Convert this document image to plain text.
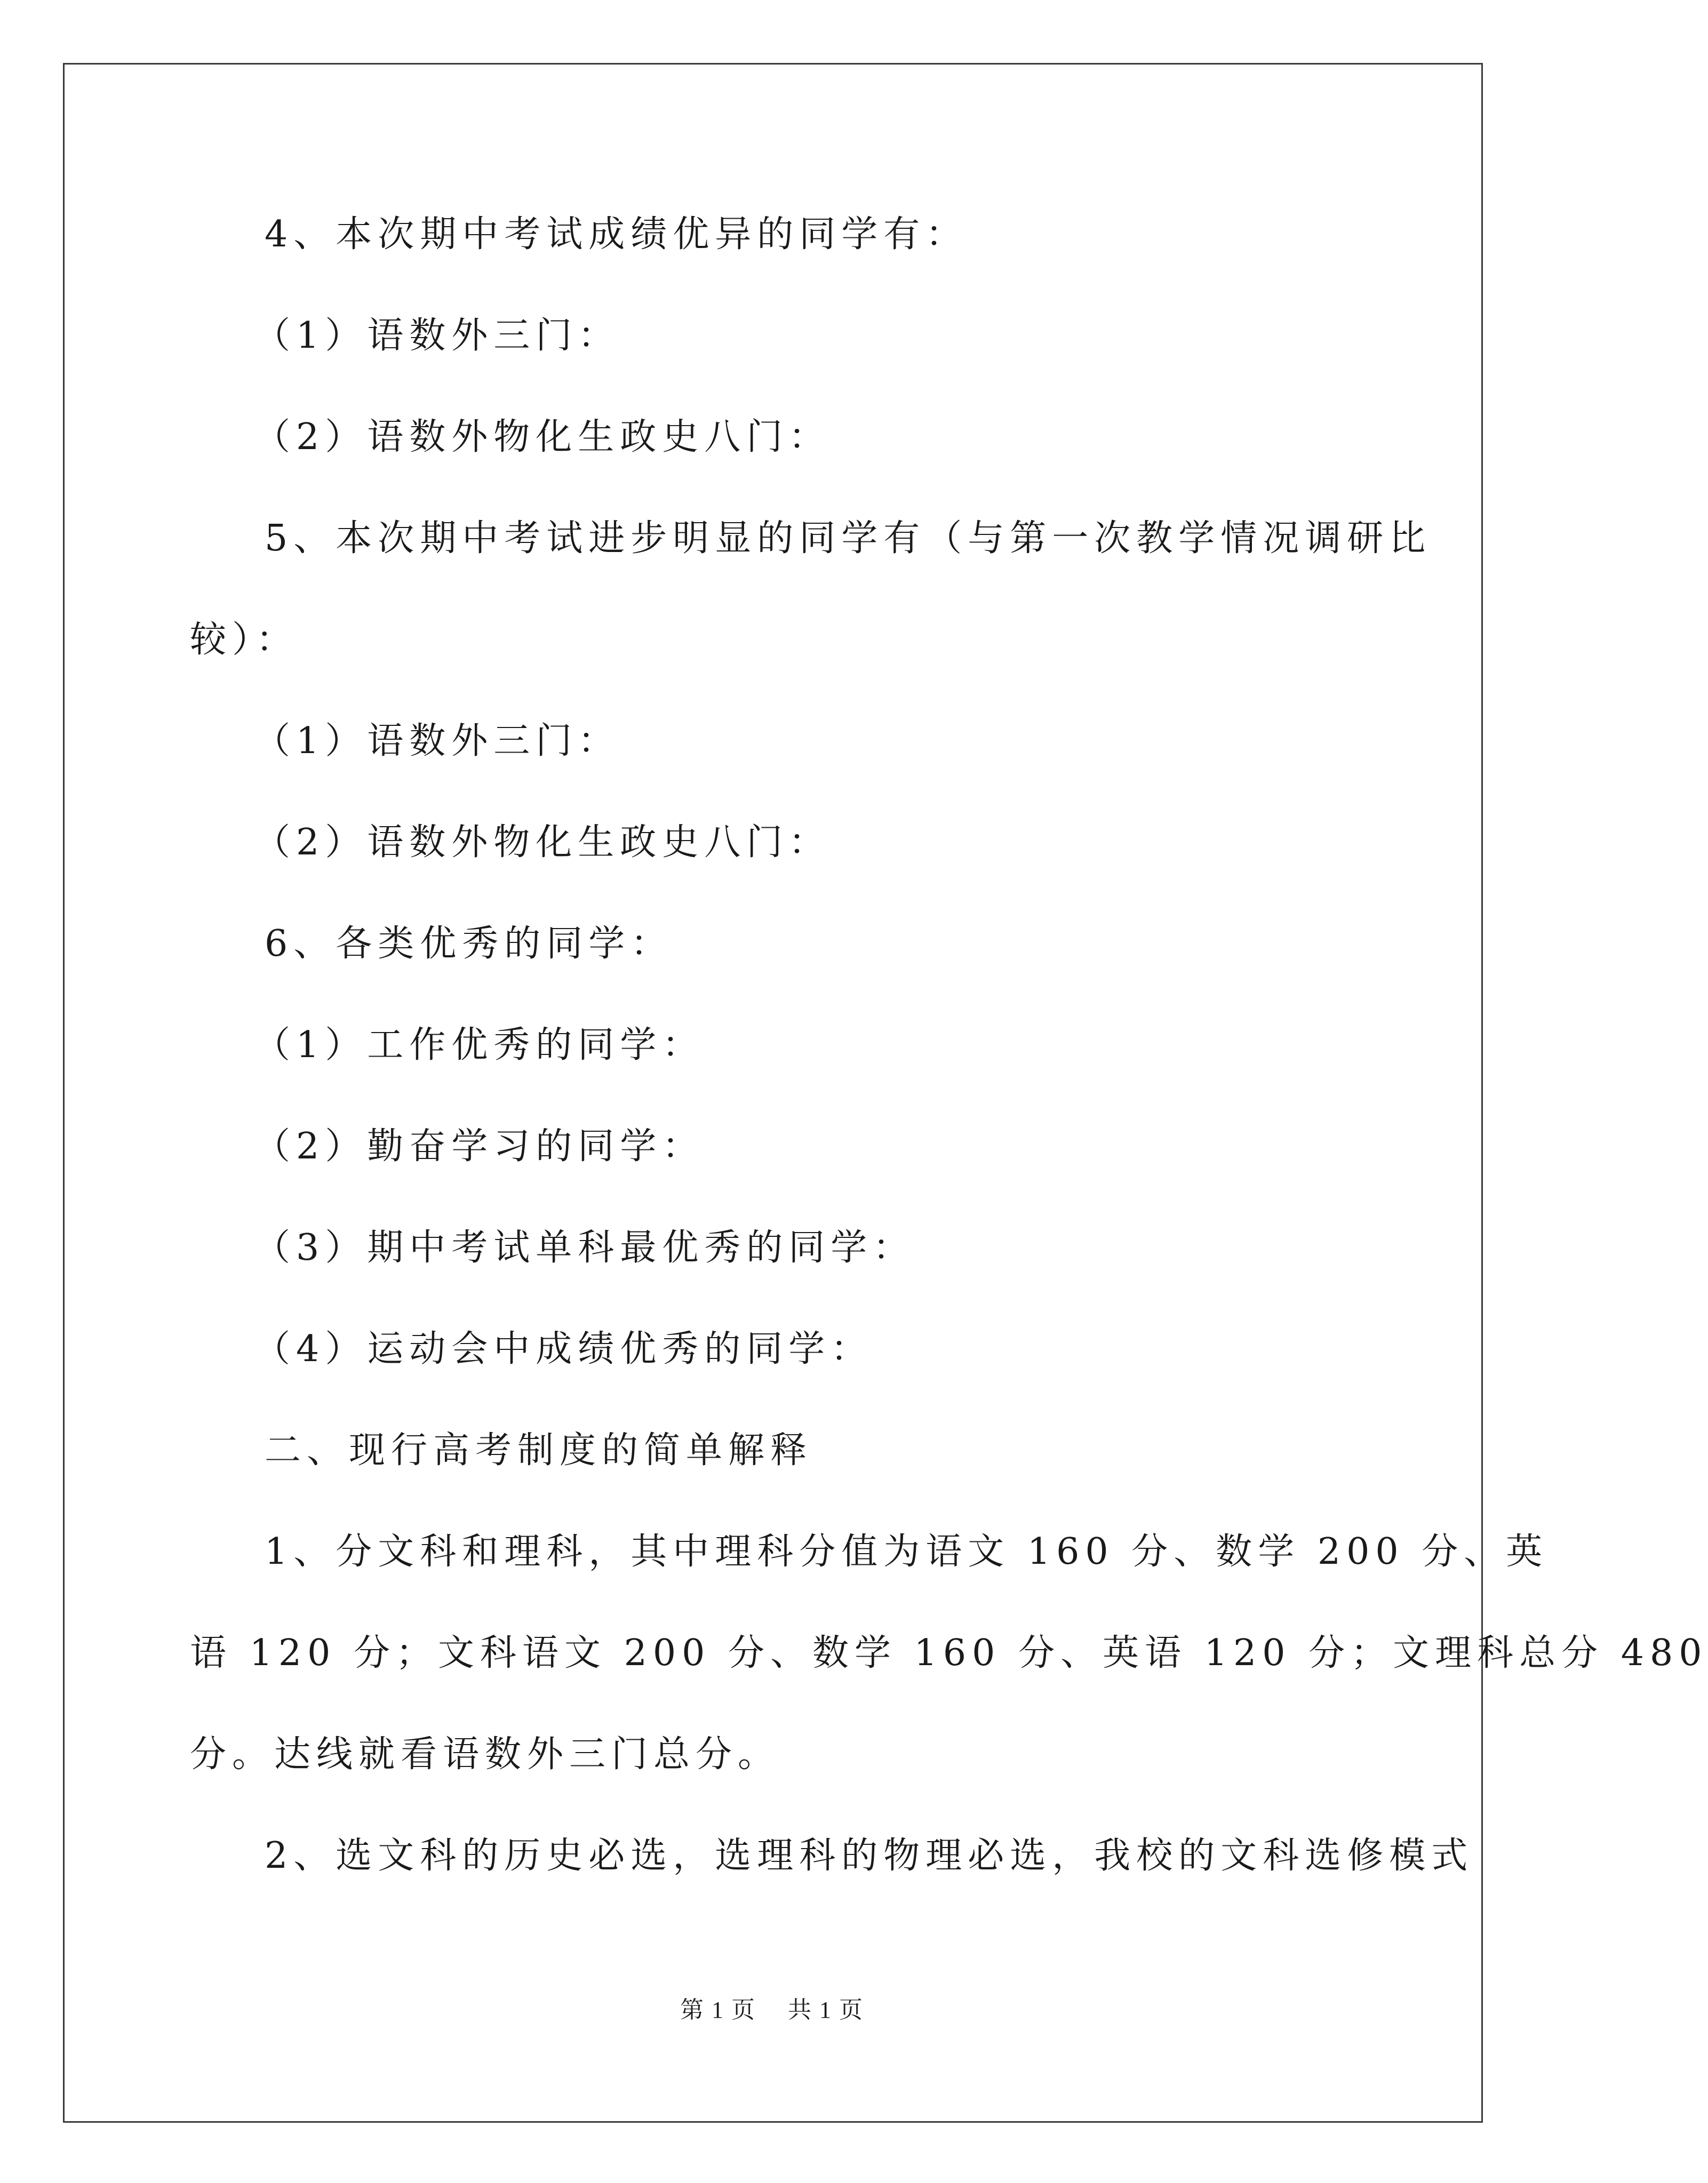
4、本次期中考试成绩优异的同学有：

（1）语数外三门：

（2）语数外物化生政史八门：

5、本次期中考试进步明显的同学有（与第一次教学情况调研比

较）：

（1）语数外三门：

（2）语数外物化生政史八门：

6、各类优秀的同学：

（1）工作优秀的同学：

（2）勤奋学习的同学：

（3）期中考试单科最优秀的同学：

（4）运动会中成绩优秀的同学：

二、现行高考制度的简单解释

1、分文科和理科，其中理科分值为语文 160 分、数学 200 分、英

语 120 分；文科语文 200 分、数学 160 分、英语 120 分；文理科总分 480

分。达线就看语数外三门总分。

2、选文科的历史必选，选理科的物理必选，我校的文科选修模式

第 1 页 共 1 页
